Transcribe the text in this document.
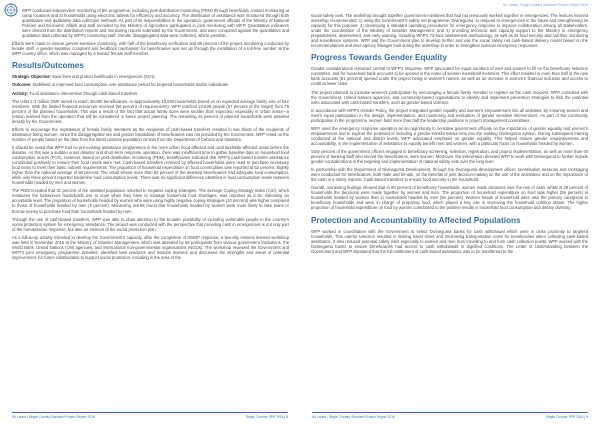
WFP conducted independent monitoring of the programme, including post-distribution monitoring (PDM) through beneficiary contact monitoring at camp locations and at households using electronic tablets for efficiency and accuracy. The distribution of assistance was monitored through both quantitative and qualitative data collection methods. As part of its responsibilities in the operation, government officials of the Ministry of National Policies and Economic Affairs and staff recruited by the Ministry of Agriculture participated in joint monitoring with WFP. Quantitative indicators were derived from the distribution reports and monitoring reports submitted by the Government, and were compared against the quantitative and qualitative data collected by WFP's monitoring staff. Gender disaggregated data were collected, where possible.

Efforts were made to ensure gender-sensitive monitoring, with half of the beneficiary verification and 60 percent of the project monitoring conducted by female staff. A gender-sensitive complaint and feedback mechanism for beneficiaries was set up through the installation of a toll-free number at the WFP country office, which was managed by a trained female staff member.

Results/Outcomes

Strategic Objective: Save lives and protect livelihoods in emergencies (SO1)

Outcome: Stabilised or improved food consumption over assistance period for targeted households and/or individuals

Activity: Food assistance intervention through cash-based transfers

The USD 2.3 million DMP aimed to reach 40,000 beneficiaries, or approximately 10,000 households based on an expected average family size of four members. With the limited financial resources received (56 percent of requirements), WFP reached 22,648 people (57 percent of the target) from 75 percent of the planned households. This was a result of the fact that actual family sizes were smaller than expected, especially in urban areas—a reason learned from the operation that will be considered in future project planning. The remaining 25 percent of planned households were assisted directly by the Government.

Efforts to encourage the registration of female family members as the recipients of cash-based transfers resulted in two thirds of the recipients of assistance being women. Since the disaggregated sex and gender breakdown of beneficiaries was not provided by the Government, WFP relied on the number of people based on the data from the latest national population census from the Department of Census and Statistics.

It should be noted that WFP had no pre-existing assistance programmes in the more urban flood-affected and rural landslide-affected areas before the disaster. As this was a sudden onset disaster and short-term response operation, there was insufficient time to gather baseline data on household food consumption scores (FCS). However, based on post-distribution monitoring (PDM), beneficiaries indicated that WFP's cash-based transfer assistance contributed positively to ensure their food needs were met. Cash-based transfers received by affected households were used to purchase necessary food items to meet their basic nutrient requirements. The proportion of household expenditure on food commodities was reported at 52 percent, slightly higher than the national average of 50 percent. The result shows more than 50 percent of the assisted beneficiaries had adequate food consumption, while only three percent reported borderline food consumption levels. There was no significant difference identified in food consumption levels between households headed by men and women.

The PDM revealed that 31 percent of the assisted population resorted to negative coping strategies. The average Coping Strategy Index (CSI), which measures the behaviours households use to cope when they have to manage household food shortages, was reported as 6.18, indicating an acceptable level. The proportion of households headed by women who were using highly negative coping strategies (10 percent) was higher compared to those of households headed by men (5 percent). Monitoring results found that households headed by women were more likely to take loans or borrow money to purchase food than households headed by men.

Through the use of cash-based transfers, WFP was able to draw attention to the broader possibility of including vulnerable people in the country's social protection system for emergency assistance. The project was conducted with the perspective that providing cash in emergencies is not only part of the humanitarian response, but also an element of the social protection plan.

As a follow-up activity intended to develop the Government's capacity, after the completion of DMOP response, a two-day lessons learned workshop was held in November 2016 at the Ministry of Disaster Management, which was attended by 58 participants from various government institutions, the World Bank, United Nations (UN) agencies, and international non-governmental organisations (NGOs). The workshop reviewed the Government and WFP's joint emergency programme activities; identified best practices and lessons learned; and discussed the strengths and areas of potential improvement, for future collaboration to support social protection, including in the area of the

Sri Lanka | Single Country Standard Project Report 2016	Single Country SPR 2016 | 8
Sri Lanka | Single Country Standard Project Report 2016

social safety nets. The workshop brought together government ministries that had not previously worked together in emergencies. The lessons learned workshop recommended: 1) using the Government's safety net programme, Divineguma, to respond to emergencies in the future and strengthening its capacity for this purpose; 2) developing a standard operating procedures for emergency response to improve collaboration among all stakeholders, under the coordination of the Ministry of Disaster Management; and 3) providing technical and capacity support to the Ministry in emergency preparedness, assessment, and early warning, including WFP's 72-hour assessment methodology, as well as its food security and nutrition monitoring and surveillance systems. WFP and the Government plan to develop further and use the social safety net cash-based delivery model based on the recommendations and inter-agency linkages built during the workshop in order to strengthen national emergency responses.

Progress Towards Gender Equality

Gender considerations remained central to WFP's response. WFP advocated for equal numbers of men and women to fill on the beneficiary selection committee, and for household bank accounts to be opened in the name of women household members. This effort resulted in more than half of the new bank accounts (61 percent) opened under the project being in women's names, as well as an increase in women's financial inclusion and access to credit at lower rates.

The project planned to increase women's participation by encouraging a female family member to register as the cash recipient. WFP consulted with the Government, United Nations agencies, and community-based organisations to identify and implement prevention strategies to limit the potential risks associated with cash-based transfers, such as gender-based violence.

In accordance with WFP's Gender Policy, the project integrated gender equality and women's empowerment into all activities, by ensuring women and men's equal participation in the design, implementation, and monitoring and evaluation of gender sensitive interventions. As part of the community participation in the programme, women held more than half the leadership positions in project management committees.

WFP used the emergency response operation as an opportunity to sensitise government officials on the importance of gender equality and women's empowerment and to explore the potential of including a gender-transformative lens into the existing Divineguma system. During subsequent training conducted at the national and district levels, WFP advocated emphasis on gender equality. This helped ensure gender responsiveness and accountability, in the implementation of assistance to equally benefit men and women, with a particular focus on households headed by women.

Sixty percent of the government officers engaged in beneficiary screening, selection, registration, and project implementation, as well as more than 60 percent of banking staff who served the beneficiaries, were women. Moreover, the intervention directed WFP to work with Divineguma to further include gender considerations in the targeting and implementation of national safety nets over the long term.

In partnership with the Department of Divineguma Development, through the Divineguma development officer, sensitisation sessions and messaging were conducted for beneficiaries, both male and female, on the benefits of joint decision-making on the use of the assistance and on the importance of the cash in a timely manner. Cash-based transfers to ensure food security in the household.

Overall, monitoring findings showed that in 60 percent of beneficiary households, women made decisions over the use of cash, whilst in 28 percent of households the decisions were made together by women and men. The proportion of household expenditure on food was higher (56 percent) in households headed by women than in households headed by men (50 percent). Women heads of household were also the primary caregivers in beneficiary households and were in charge of preparing food, which played a key role in improving the household nutrition status. The higher proportion of household expenditure on food by women contributed to the positive results in household food consumption and dietary diversity.

Protection and Accountability to Affected Populations

WFP worked in coordination with the Government to select Divineguma banks for cash withdrawal which were in close proximity to targeted households. This careful selection resulted in limiting travel times and minimising transportation costs for beneficiaries when collecting cash-based assistance. It also reduced potential safety risks especially to women and men from travelling to and from cash collection points. WFP worked with the Divineguma banks to ensure beneficiaries had access to cash withdrawals in dignified conditions. The Letter of Understanding between the Government and WFP stipulated that the full entitlement of cash-based assistance was to be transferred to the

Sri Lanka | Single Country Standard Project Report 2016	Single Country SPR 2016 | 9
